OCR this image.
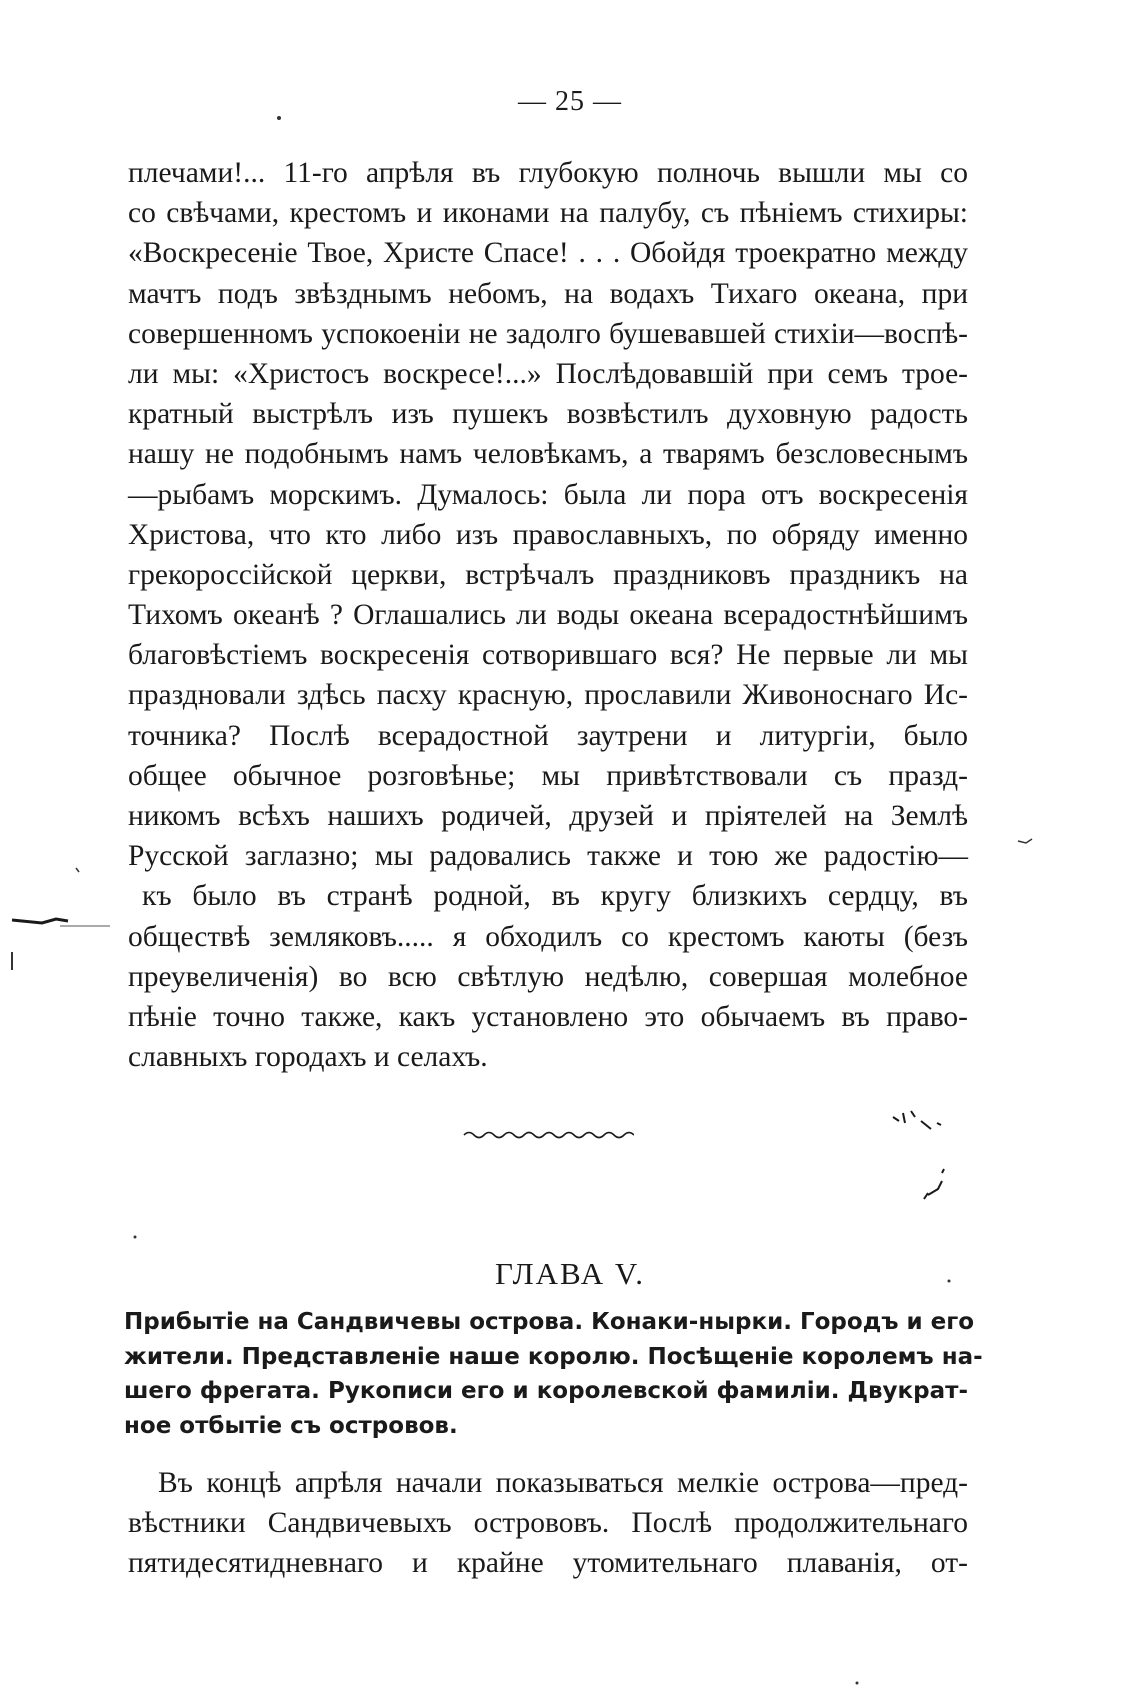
— 25 —
плечами!... 11-го апрѣля въ глубокую полночь вышли мы со
со свѣчами, крестомъ и иконами на палубу, съ пѣніемъ стихиры:
«Воскресеніе Твое, Христе Спасе! . . . Обойдя троекратно между
мачтъ подъ звѣзднымъ небомъ, на водахъ Тихаго океана, при
совершенномъ успокоеніи не задолго бушевавшей стихіи—воспѣ-
ли мы: «Христосъ воскресе!...» Послѣдовавшій при семъ трое-
кратный выстрѣлъ изъ пушекъ возвѣстилъ духовную радость
нашу не подобнымъ намъ человѣкамъ, а тварямъ безсловеснымъ
—рыбамъ морскимъ. Думалось: была ли пора отъ воскресенія
Христова, что кто либо изъ православныхъ, по обряду именно
грекороссійской церкви, встрѣчалъ праздниковъ праздникъ на
Тихомъ океанѣ ? Оглашались ли воды океана всерадостнѣйшимъ
благовѣстіемъ воскресенія сотворившаго вся? Не первые ли мы
праздновали здѣсь пасху красную, прославили Живоноснаго Ис-
точника? Послѣ всерадостной заутрени и литургіи, было
общее обычное розговѣнье; мы привѣтствовали съ празд-
никомъ всѣхъ нашихъ родичей, друзей и пріятелей на Землѣ
Русской заглазно; мы радовались также и тою же радостію—
къ было въ странѣ родной, въ кругу близкихъ сердцу, въ
обществѣ земляковъ..... я обходилъ со крестомъ каюты (безъ
преувеличенія) во всю свѣтлую недѣлю, совершая молебное
пѣніе точно также, какъ установлено это обычаемъ въ право-
славныхъ городахъ и селахъ.
ГЛАВА V.
Прибытіе на Сандвичевы острова. Конаки-нырки. Городъ и его
жители. Представленіе наше королю. Посѣщеніе королемъ на-
шего фрегата. Рукописи его и королевской фамиліи. Двукрат-
ное отбытіе съ островов.
Въ концѣ апрѣля начали показываться мелкіе острова—пред-
вѣстники Сандвичевыхъ острововъ. Послѣ продолжительнаго
пятидесятидневнаго и крайне утомительнаго плаванія, от-
